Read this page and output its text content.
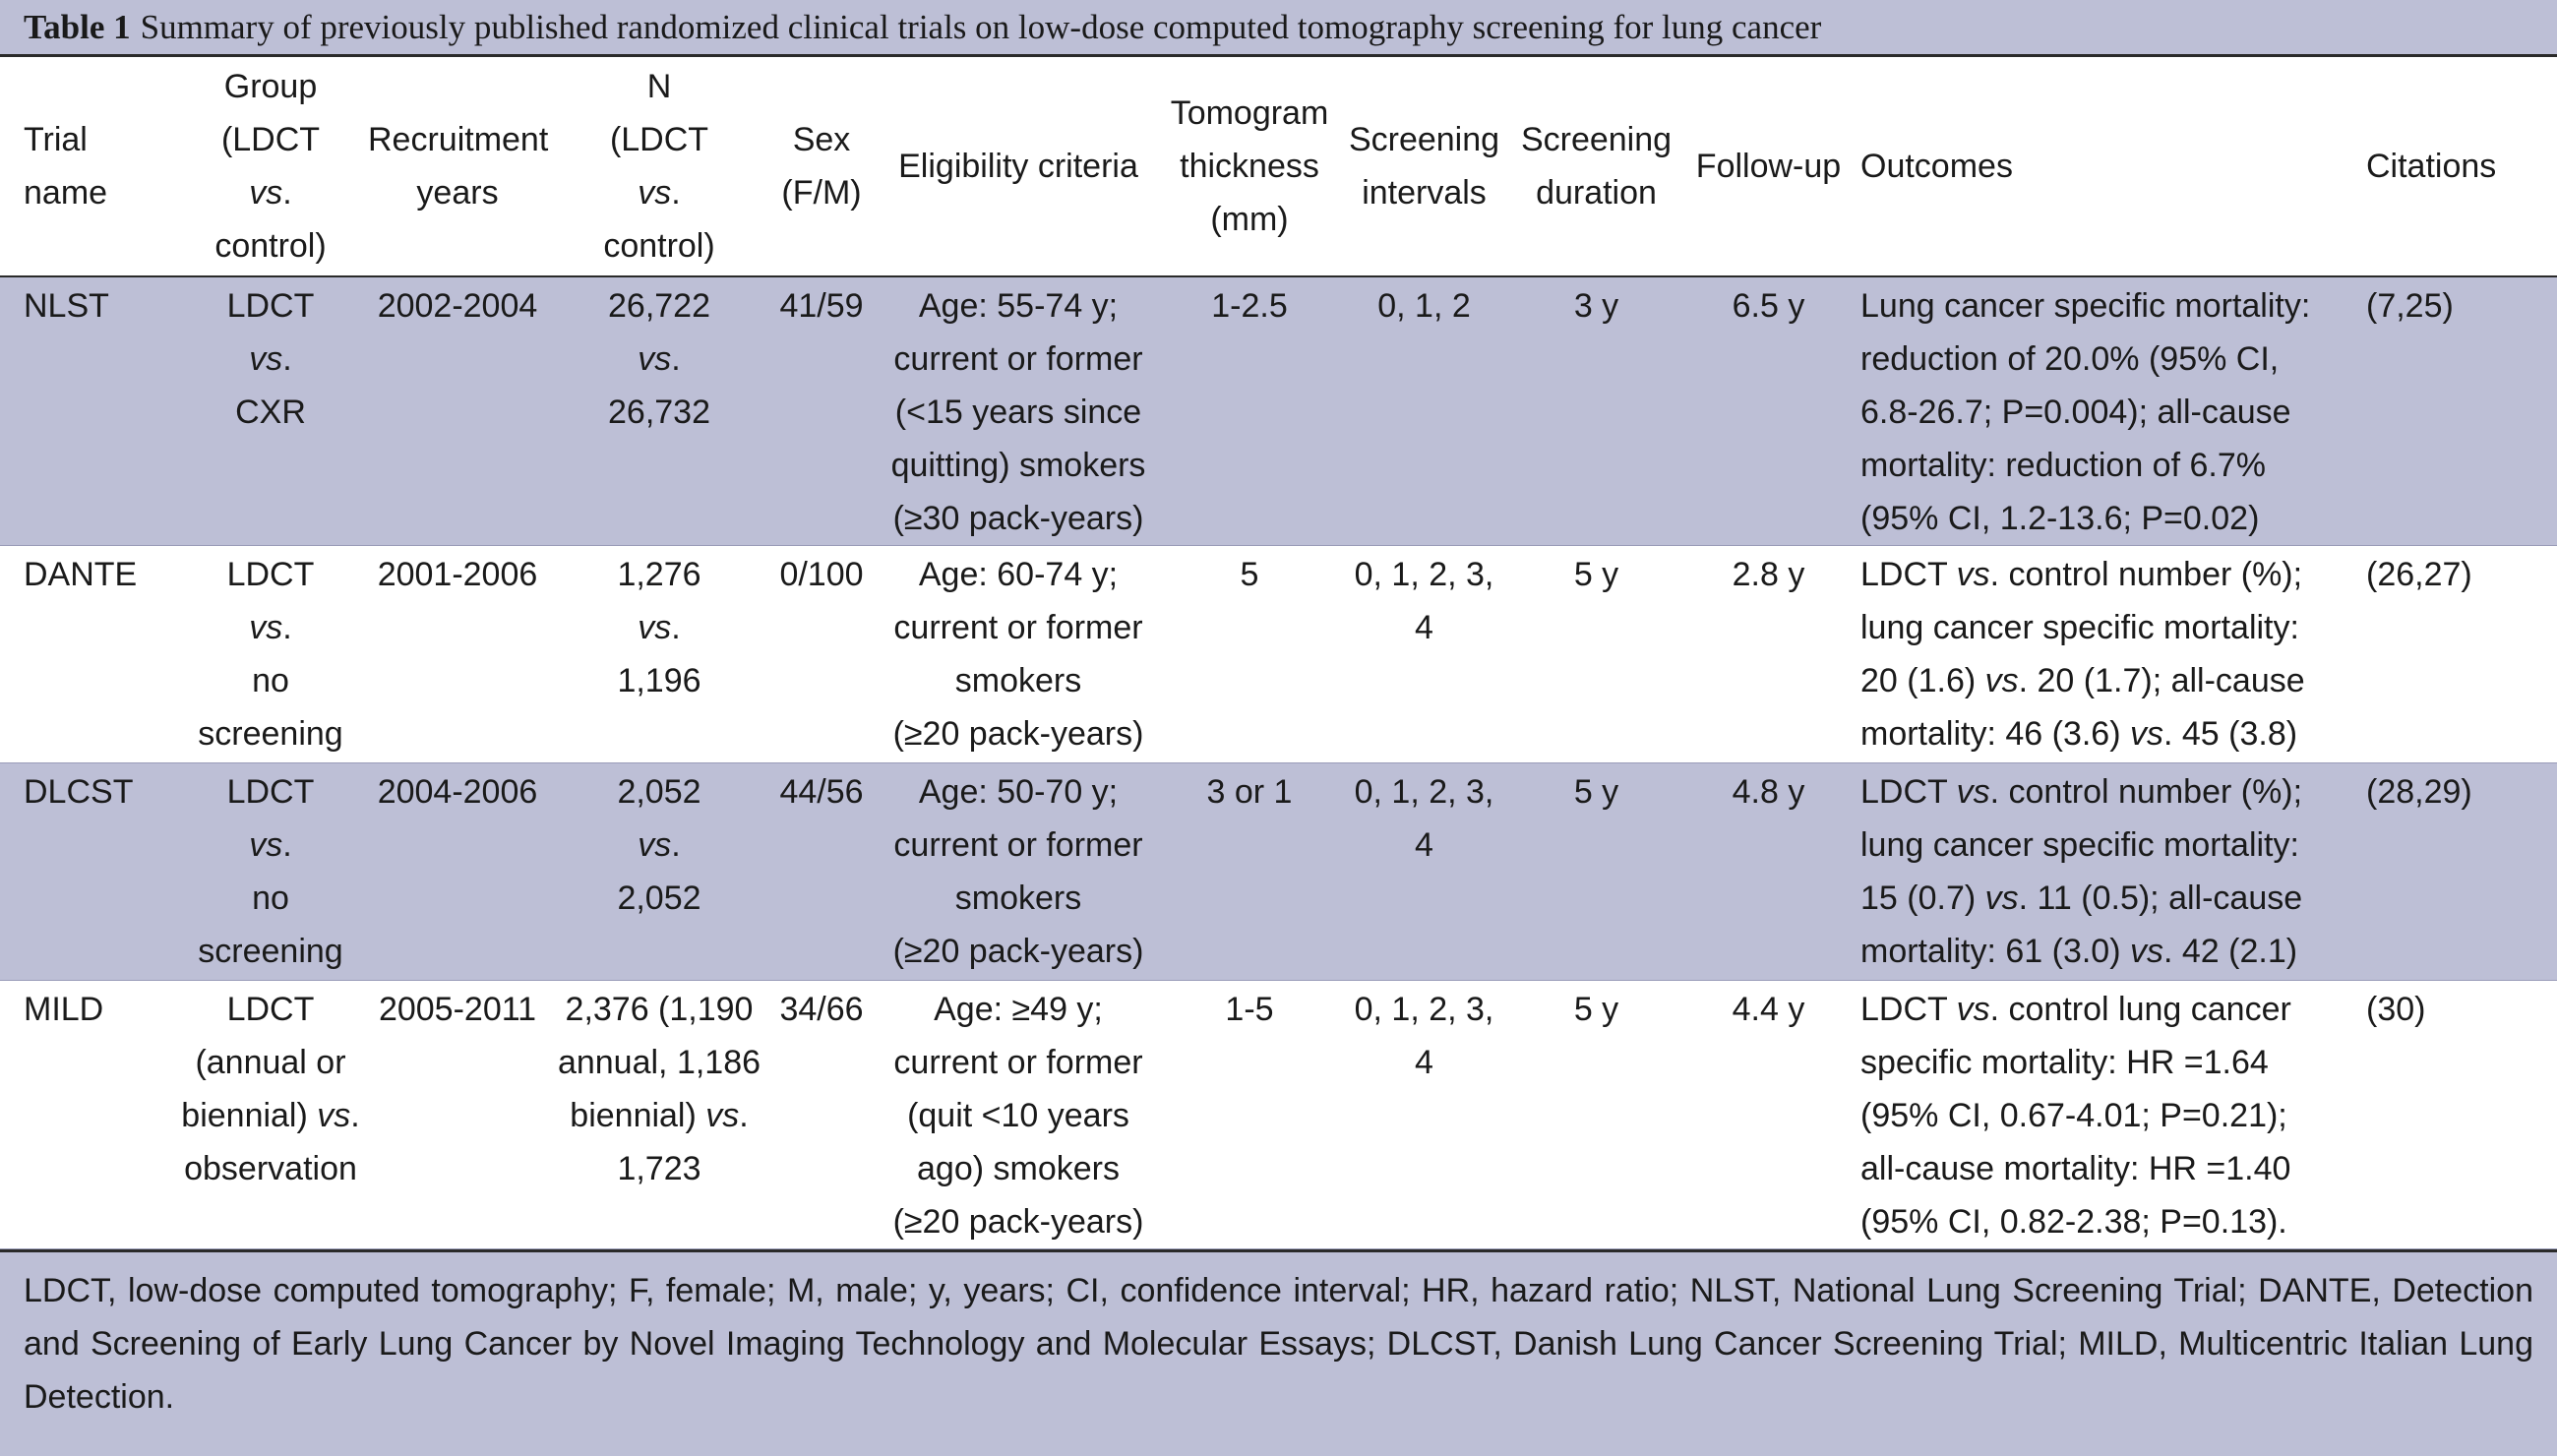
Table 1 Summary of previously published randomized clinical trials on low-dose computed tomography screening for lung cancer
Trial
name	Group
(LDCT
vs.
control)	Recruitment
years	N
(LDCT
vs.
control)	Sex
(F/M)	Eligibility criteria	Tomogram
thickness
(mm)	Screening
intervals	Screening
duration	Follow-up	Outcomes	Citations

NLST	LDCT
vs.
CXR	2002-2004	26,722
vs.
26,732	41/59	Age: 55-74 y;
current or former
(<15 years since
quitting) smokers
(≥30 pack-years)	1-2.5	0, 1, 2	3 y	6.5 y	Lung cancer specific mortality:
reduction of 20.0% (95% CI,
6.8-26.7; P=0.004); all-cause
mortality: reduction of 6.7%
(95% CI, 1.2-13.6; P=0.02)	(7,25)
DANTE	LDCT
vs.
no screening	2001-2006	1,276
vs.
1,196	0/100	Age: 60-74 y;
current or former
smokers
(≥20 pack-years)	5	0, 1, 2, 3, 4	5 y	2.8 y	LDCT vs. control number (%);
lung cancer specific mortality:
20 (1.6) vs. 20 (1.7); all-cause
mortality: 46 (3.6) vs. 45 (3.8)	(26,27)
DLCST	LDCT
vs.
no screening	2004-2006	2,052
vs.
2,052	44/56	Age: 50-70 y;
current or former
smokers
(≥20 pack-years)	3 or 1	0, 1, 2, 3, 4	5 y	4.8 y	LDCT vs. control number (%);
lung cancer specific mortality:
15 (0.7) vs. 11 (0.5); all-cause
mortality: 61 (3.0) vs. 42 (2.1)	(28,29)
MILD	LDCT
(annual or
biennial) vs.
observation	2005-2011	2,376 (1,190
annual, 1,186
biennial) vs.
1,723	34/66	Age: ≥49 y;
current or former
(quit <10 years
ago) smokers
(≥20 pack-years)	1-5	0, 1, 2, 3, 4	5 y	4.4 y	LDCT vs. control lung cancer
specific mortality: HR =1.64
(95% CI, 0.67-4.01; P=0.21);
all-cause mortality: HR =1.40
(95% CI, 0.82-2.38; P=0.13).	(30)
LDCT, low-dose computed tomography; F, female; M, male; y, years; CI, confidence interval; HR, hazard ratio; NLST, National Lung Screening Trial; DANTE, Detection and Screening of Early Lung Cancer by Novel Imaging Technology and Molecular Essays; DLCST, Danish Lung Cancer Screening Trial; MILD, Multicentric Italian Lung Detection.
